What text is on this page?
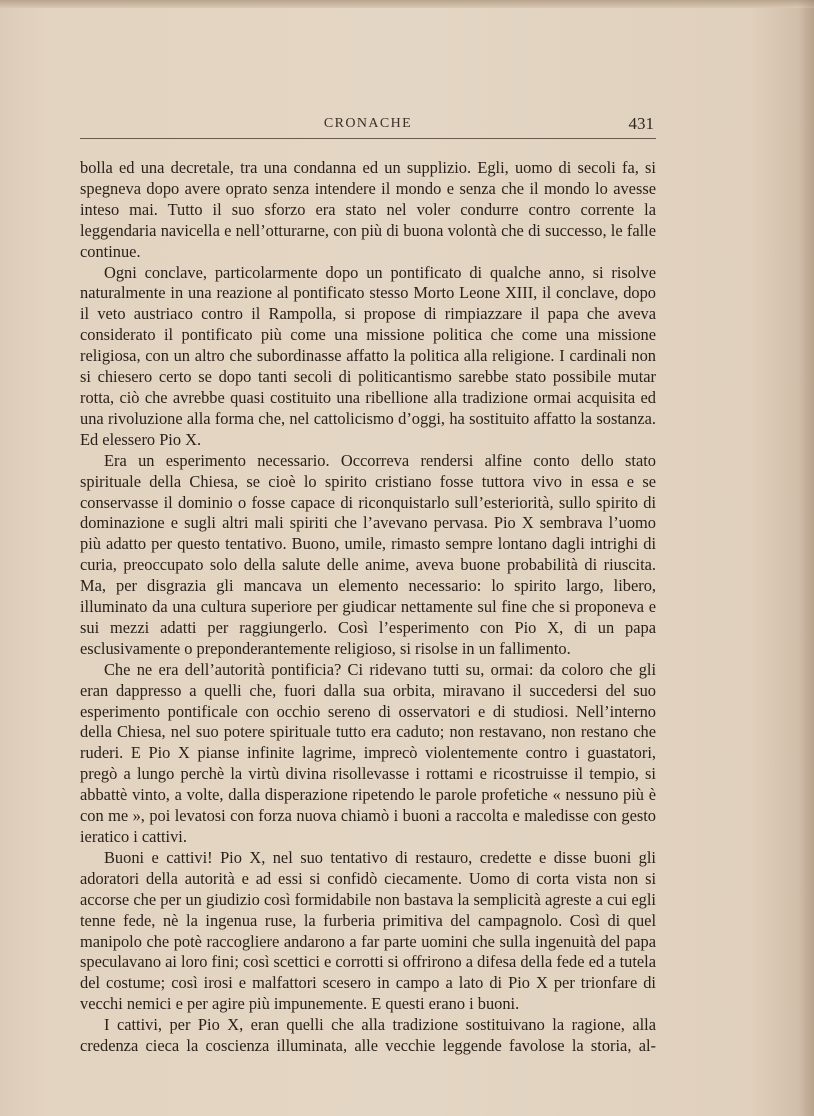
CRONACHE	431

bolla ed una decretale, tra una condanna ed un supplizio. Egli, uomo di secoli fa, si spegneva dopo avere oprato senza intendere il mondo e senza che il mondo lo avesse inteso mai. Tutto il suo sforzo era stato nel voler condurre contro corrente la leggendaria navicella e nell’otturarne, con più di buona volontà che di successo, le falle continue.

Ogni conclave, particolarmente dopo un pontificato di qualche anno, si risolve naturalmente in una reazione al pontificato stesso Morto Leone XIII, il conclave, dopo il veto austriaco contro il Rampolla, si propose di rimpiazzare il papa che aveva considerato il pontificato più come una missione politica che come una missione religiosa, con un altro che subordinasse affatto la politica alla religione. I cardinali non si chiesero certo se dopo tanti secoli di politicantismo sarebbe stato possibile mutar rotta, ciò che avrebbe quasi costituito una ribellione alla tradizione ormai acquisita ed una rivoluzione alla forma che, nel cattolicismo d’oggi, ha sostituito affatto la sostanza. Ed elessero Pio X.

Era un esperimento necessario. Occorreva rendersi alfine conto dello stato spirituale della Chiesa, se cioè lo spirito cristiano fosse tuttora vivo in essa e se conservasse il dominio o fosse capace di riconquistarlo sull’esteriorità, sullo spirito di dominazione e sugli altri mali spiriti che l’avevano pervasa. Pio X sembrava l’uomo più adatto per questo tentativo. Buono, umile, rimasto sempre lontano dagli intrighi di curia, preoccupato solo della salute delle anime, aveva buone probabilità di riuscita. Ma, per disgrazia gli mancava un elemento necessario: lo spirito largo, libero, illuminato da una cultura superiore per giudicar nettamente sul fine che si proponeva e sui mezzi adatti per raggiungerlo. Così l’esperimento con Pio X, di un papa esclusivamente o preponderantemente religioso, si risolse in un fallimento.

Che ne era dell’autorità pontificia? Ci ridevano tutti su, ormai: da coloro che gli eran dappresso a quelli che, fuori dalla sua orbita, miravano il succedersi del suo esperimento pontificale con occhio sereno di osservatori e di studiosi. Nell’interno della Chiesa, nel suo potere spirituale tutto era caduto; non restavano, non restano che ruderi. E Pio X pianse infinite lagrime, imprecò violentemente contro i guastatori, pregò a lungo perchè la virtù divina risollevasse i rottami e ricostruisse il tempio, si abbattè vinto, a volte, dalla disperazione ripetendo le parole profetiche « nessuno più è con me », poi levatosi con forza nuova chiamò i buoni a raccolta e maledisse con gesto ieratico i cattivi.

Buoni e cattivi! Pio X, nel suo tentativo di restauro, credette e disse buoni gli adoratori della autorità e ad essi si confidò ciecamente. Uomo di corta vista non si accorse che per un giudizio così formidabile non bastava la semplicità agreste a cui egli tenne fede, nè la ingenua ruse, la furberia primitiva del campagnolo. Così di quel manipolo che potè raccogliere andarono a far parte uomini che sulla ingenuità del papa speculavano ai loro fini; così scettici e corrotti si offrirono a difesa della fede ed a tutela del costume; così irosi e malfattori scesero in campo a lato di Pio X per trionfare di vecchi nemici e per agire più impunemente. E questi erano i buoni.

I cattivi, per Pio X, eran quelli che alla tradizione sostituivano la ragione, alla credenza cieca la coscienza illuminata, alle vecchie leggende favolose la storia, al-
